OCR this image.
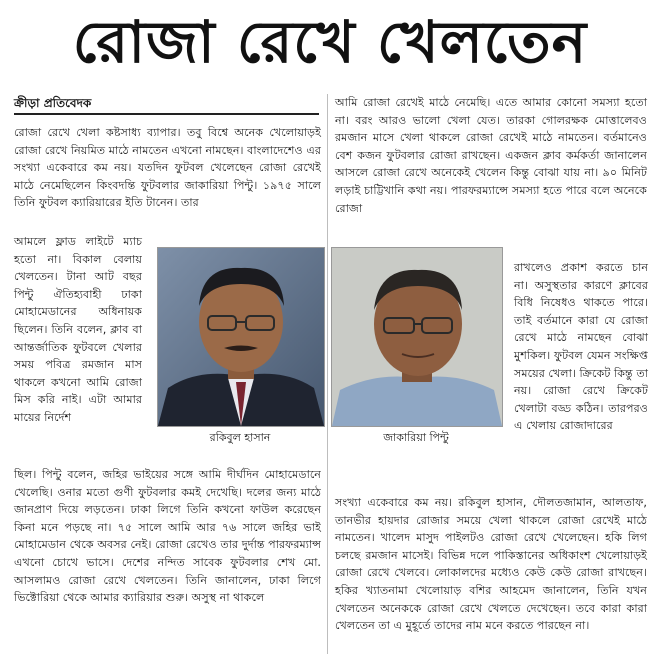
রোজা রেখে খেলতেন
ক্রীড়া প্রতিবেদক

রোজা রেখে খেলা কষ্টসাধ্য ব্যাপার। তবু বিশ্বে অনেক খেলোয়াড়ই রোজা রেখে নিয়মিত মাঠে নামতেন এখনো নামছেন। বাংলাদেশেও এর সংখ্যা একেবারে কম নয়। যতদিন ফুটবল খেলেছেন রোজা রেখেই মাঠে নেমেছিলেন কিংবদন্তি ফুটবলার জাকারিয়া পিন্টু। ১৯৭৫ সালে তিনি ফুটবল ক্যারিয়ারের ইতি টানেন। তার

আমলে ফ্লাড লাইটে ম্যাচ হতো না। বিকাল বেলায় খেলতেন। টানা আট বছর পিন্টু ঐতিহ্যবাহী ঢাকা মোহামেডানের অধিনায়ক ছিলেন। তিনি বলেন, ক্লাব বা আন্তর্জাতিক ফুটবলে খেলার সময় পবিত্র রমজান মাস থাকলে কখনো আমি রোজা মিস করি নাই। এটা আমার মায়ের নির্দেশ

ছিল। পিন্টু বলেন, জহির ভাইয়ের সঙ্গে আমি দীর্ঘদিন মোহামেডানে খেলেছি। ওনার মতো গুণী ফুটবলার কমই দেখেছি। দলের জন্য মাঠে জানপ্রাণ দিয়ে লড়তেন। ঢাকা লিগে তিনি কখনো ফাউল করেছেন কিনা মনে পড়ছে না। ৭৫ সালে আমি আর ৭৬ সালে জহির ভাই মোহামেডান থেকে অবসর নেই। রোজা রেখেও তার দুর্দান্ত পারফরম্যান্স এখনো চোখে ভাসে। দেশের নন্দিত সাবেক ফুটবলার শেখ মো. আসলামও রোজা রেখে খেলতেন। তিনি জানালেন, ঢাকা লিগে ভিক্টোরিয়া থেকে আমার ক্যারিয়ার শুরু। অসুস্থ না থাকলে

আমি রোজা রেখেই মাঠে নেমেছি। এতে আমার কোনো সমস্যা হতো না। বরং আরও ভালো খেলা যেত। তারকা গোলরক্ষক মোত্তালেবও রমজান মাসে খেলা থাকলে রোজা রেখেই মাঠে নামতেন। বর্তমানেও বেশ কজন ফুটবলার রোজা রাখছেন। একজন ক্লাব কর্মকর্তা জানালেন আসলে রোজা রেখে অনেকেই খেলেন কিন্তু বোঝা যায় না। ৯০ মিনিট লড়াই চাট্টিখানি কথা নয়। পারফরম্যান্সে সমস্যা হতে পারে বলে অনেকে রোজা

রাখলেও প্রকাশ করতে চান না। অসুস্থতার কারণে ক্লাবের বিধি নিষেধও থাকতে পারে। তাই বর্তমানে কারা যে রোজা রেখে মাঠে নামছেন বোঝা মুশকিল। ফুটবল যেমন সংক্ষিপ্ত সময়ের খেলা। ক্রিকেট কিন্তু তা নয়। রোজা রেখে ক্রিকেট খেলাটা বড্ড কঠিন। তারপরও এ খেলায় রোজাদারের

সংখ্যা একেবারে কম নয়। রকিবুল হাসান, দৌলতজামান, আলতাফ, তানভীর হায়দার রোজার সময়ে খেলা থাকলে রোজা রেখেই মাঠে নামতেন। খালেদ মাসুদ পাইলটও রোজা রেখে খেলেছেন। হকি লিগ চলছে রমজান মাসেই। বিভিন্ন দলে পাকিস্তানের অধিকাংশ খেলোয়াড়ই রোজা রেখে খেলবে। লোকালদের মধ্যেও কেউ কেউ রোজা রাখছেন। হকির খ্যাতনামা খেলোয়াড় বশির আহমেদ জানালেন, তিনি যখন খেলতেন অনেককে রোজা রেখে খেলতে দেখেছেন। তবে কারা কারা খেলতেন তা এ মুহূর্তে তাদের নাম মনে করতে পারছেন না।

রকিবুল হাসান	জাকারিয়া পিন্টু
